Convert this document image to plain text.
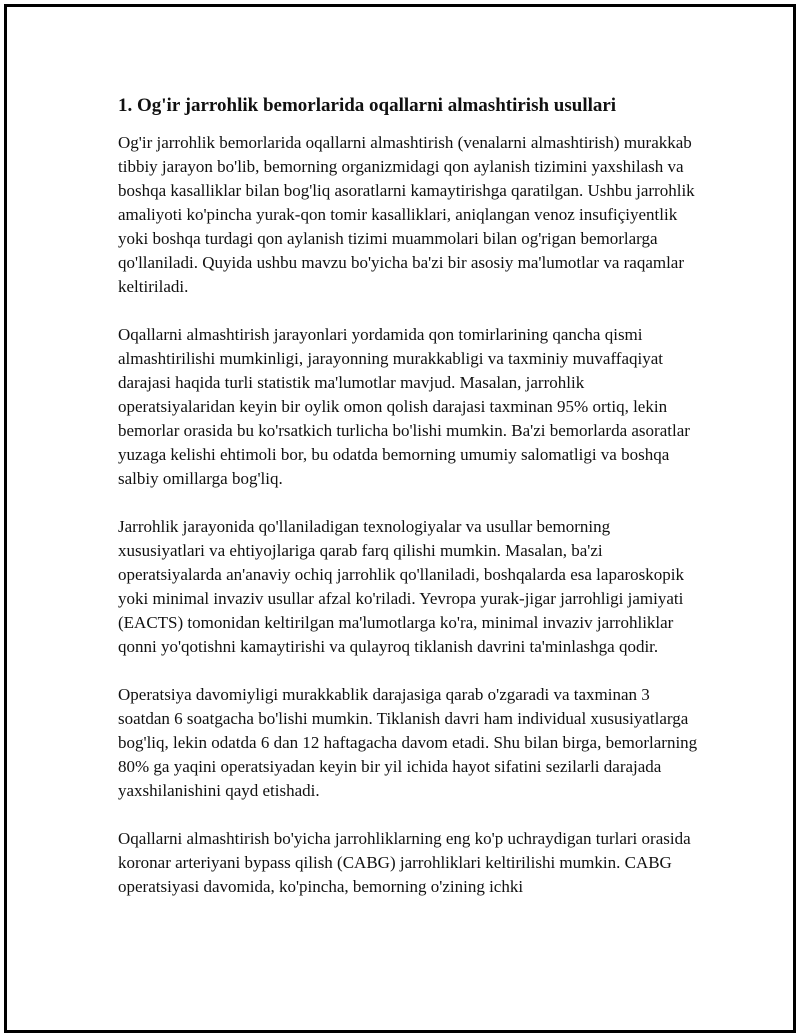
1. Og'ir jarrohlik bemorlarida oqallarni almashtirish usullari

Og'ir jarrohlik bemorlarida oqallarni almashtirish (venalarni almashtirish) murakkab tibbiy jarayon bo'lib, bemorning organizmidagi qon aylanish tizimini yaxshilash va boshqa kasalliklar bilan bog'liq asoratlarni kamaytirishga qaratilgan. Ushbu jarrohlik amaliyoti ko'pincha yurak-qon tomir kasalliklari, aniqlangan venoz insufiçiyentlik yoki boshqa turdagi qon aylanish tizimi muammolari bilan og'rigan bemorlarga qo'llaniladi. Quyida ushbu mavzu bo'yicha ba'zi bir asosiy ma'lumotlar va raqamlar keltiriladi.

Oqallarni almashtirish jarayonlari yordamida qon tomirlarining qancha qismi almashtirilishi mumkinligi, jarayonning murakkabligi va taxminiy muvaffaqiyat darajasi haqida turli statistik ma'lumotlar mavjud. Masalan, jarrohlik operatsiyalaridan keyin bir oylik omon qolish darajasi taxminan 95% ortiq, lekin bemorlar orasida bu ko'rsatkich turlicha bo'lishi mumkin. Ba'zi bemorlarda asoratlar yuzaga kelishi ehtimoli bor, bu odatda bemorning umumiy salomatligi va boshqa salbiy omillarga bog'liq.

Jarrohlik jarayonida qo'llaniladigan texnologiyalar va usullar bemorning xususiyatlari va ehtiyojlariga qarab farq qilishi mumkin. Masalan, ba'zi operatsiyalarda an'anaviy ochiq jarrohlik qo'llaniladi, boshqalarda esa laparoskopik yoki minimal invaziv usullar afzal ko'riladi. Yevropa yurak-jigar jarrohligi jamiyati (EACTS) tomonidan keltirilgan ma'lumotlarga ko'ra, minimal invaziv jarrohliklar qonni yo'qotishni kamaytirishi va qulayroq tiklanish davrini ta'minlashga qodir.

Operatsiya davomiyligi murakkablik darajasiga qarab o'zgaradi va taxminan 3 soatdan 6 soatgacha bo'lishi mumkin. Tiklanish davri ham individual xususiyatlarga bog'liq, lekin odatda 6 dan 12 haftagacha davom etadi. Shu bilan birga, bemorlarning 80% ga yaqini operatsiyadan keyin bir yil ichida hayot sifatini sezilarli darajada yaxshilanishini qayd etishadi.

Oqallarni almashtirish bo'yicha jarrohliklarning eng ko'p uchraydigan turlari orasida koronar arteriyani bypass qilish (CABG) jarrohliklari keltirilishi mumkin. CABG operatsiyasi davomida, ko'pincha, bemorning o'zining ichki
